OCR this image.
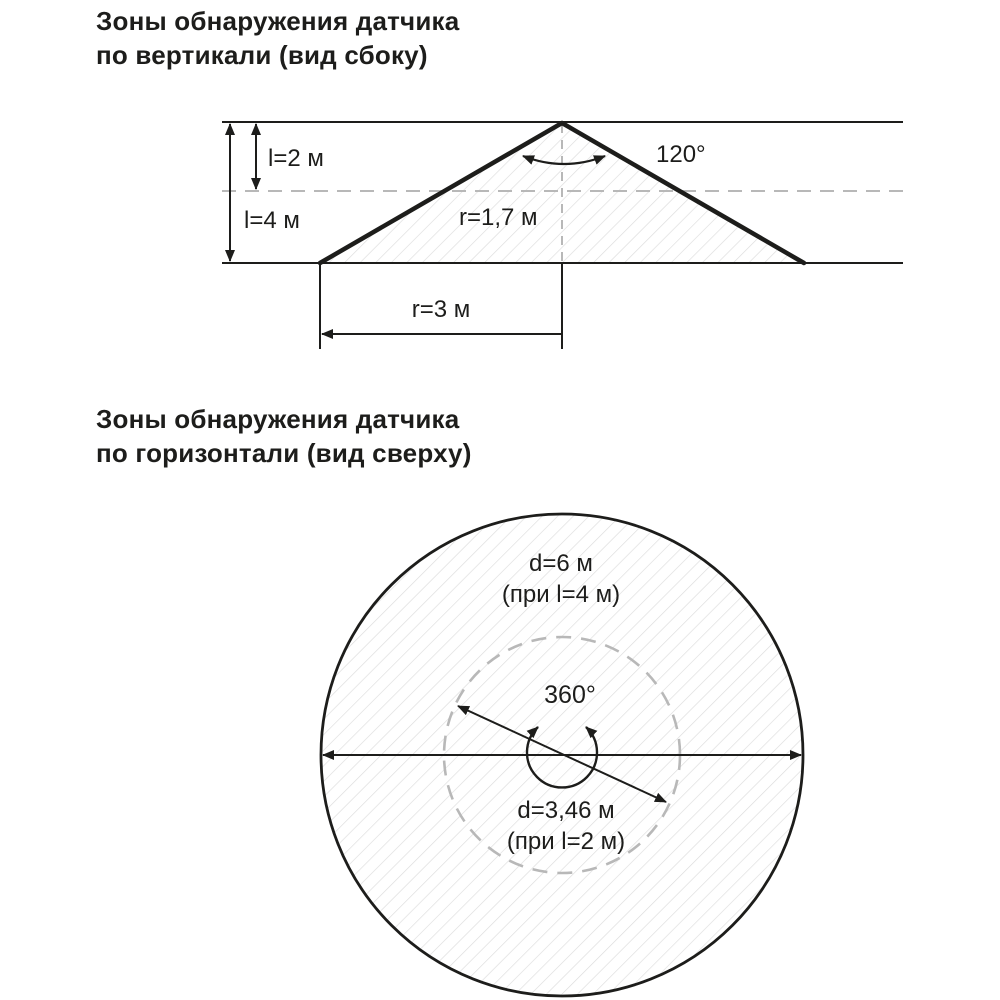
Зоны обнаружения датчика
по вертикали (вид сбоку)
Зоны обнаружения датчика
по горизонтали (вид сверху)
l=2 м
l=4 м
120°
r=1,7 м
r=3 м
d=6 м
(при l=4 м)
360°
d=3,46 м
(при l=2 м)
